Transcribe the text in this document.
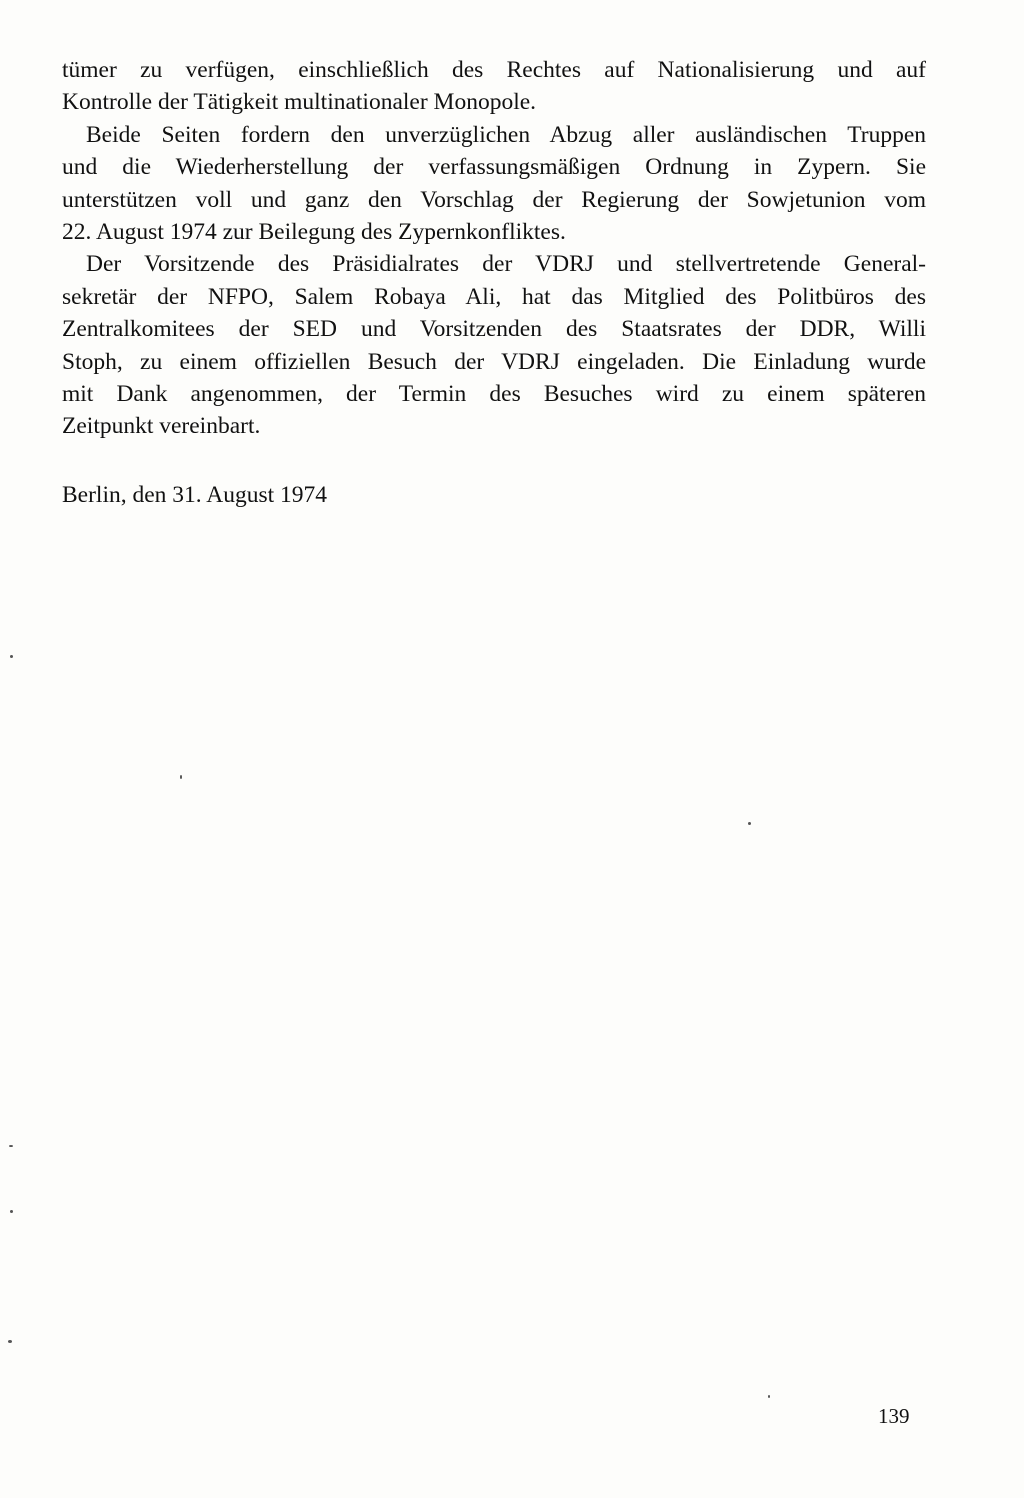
tümer zu verfügen, einschließlich des Rechtes auf Nationalisierung und auf
Kontrolle der Tätigkeit multinationaler Monopole.
Beide Seiten fordern den unverzüglichen Abzug aller ausländischen Truppen
und die Wiederherstellung der verfassungsmäßigen Ordnung in Zypern. Sie
unterstützen voll und ganz den Vorschlag der Regierung der Sowjetunion vom
22. August 1974 zur Beilegung des Zypernkonfliktes.
Der Vorsitzende des Präsidialrates der VDRJ und stellvertretende General-
sekretär der NFPO, Salem Robaya Ali, hat das Mitglied des Politbüros des
Zentralkomitees der SED und Vorsitzenden des Staatsrates der DDR, Willi
Stoph, zu einem offiziellen Besuch der VDRJ eingeladen. Die Einladung wurde
mit Dank angenommen, der Termin des Besuches wird zu einem späteren
Zeitpunkt vereinbart.
Berlin, den 31. August 1974
139
